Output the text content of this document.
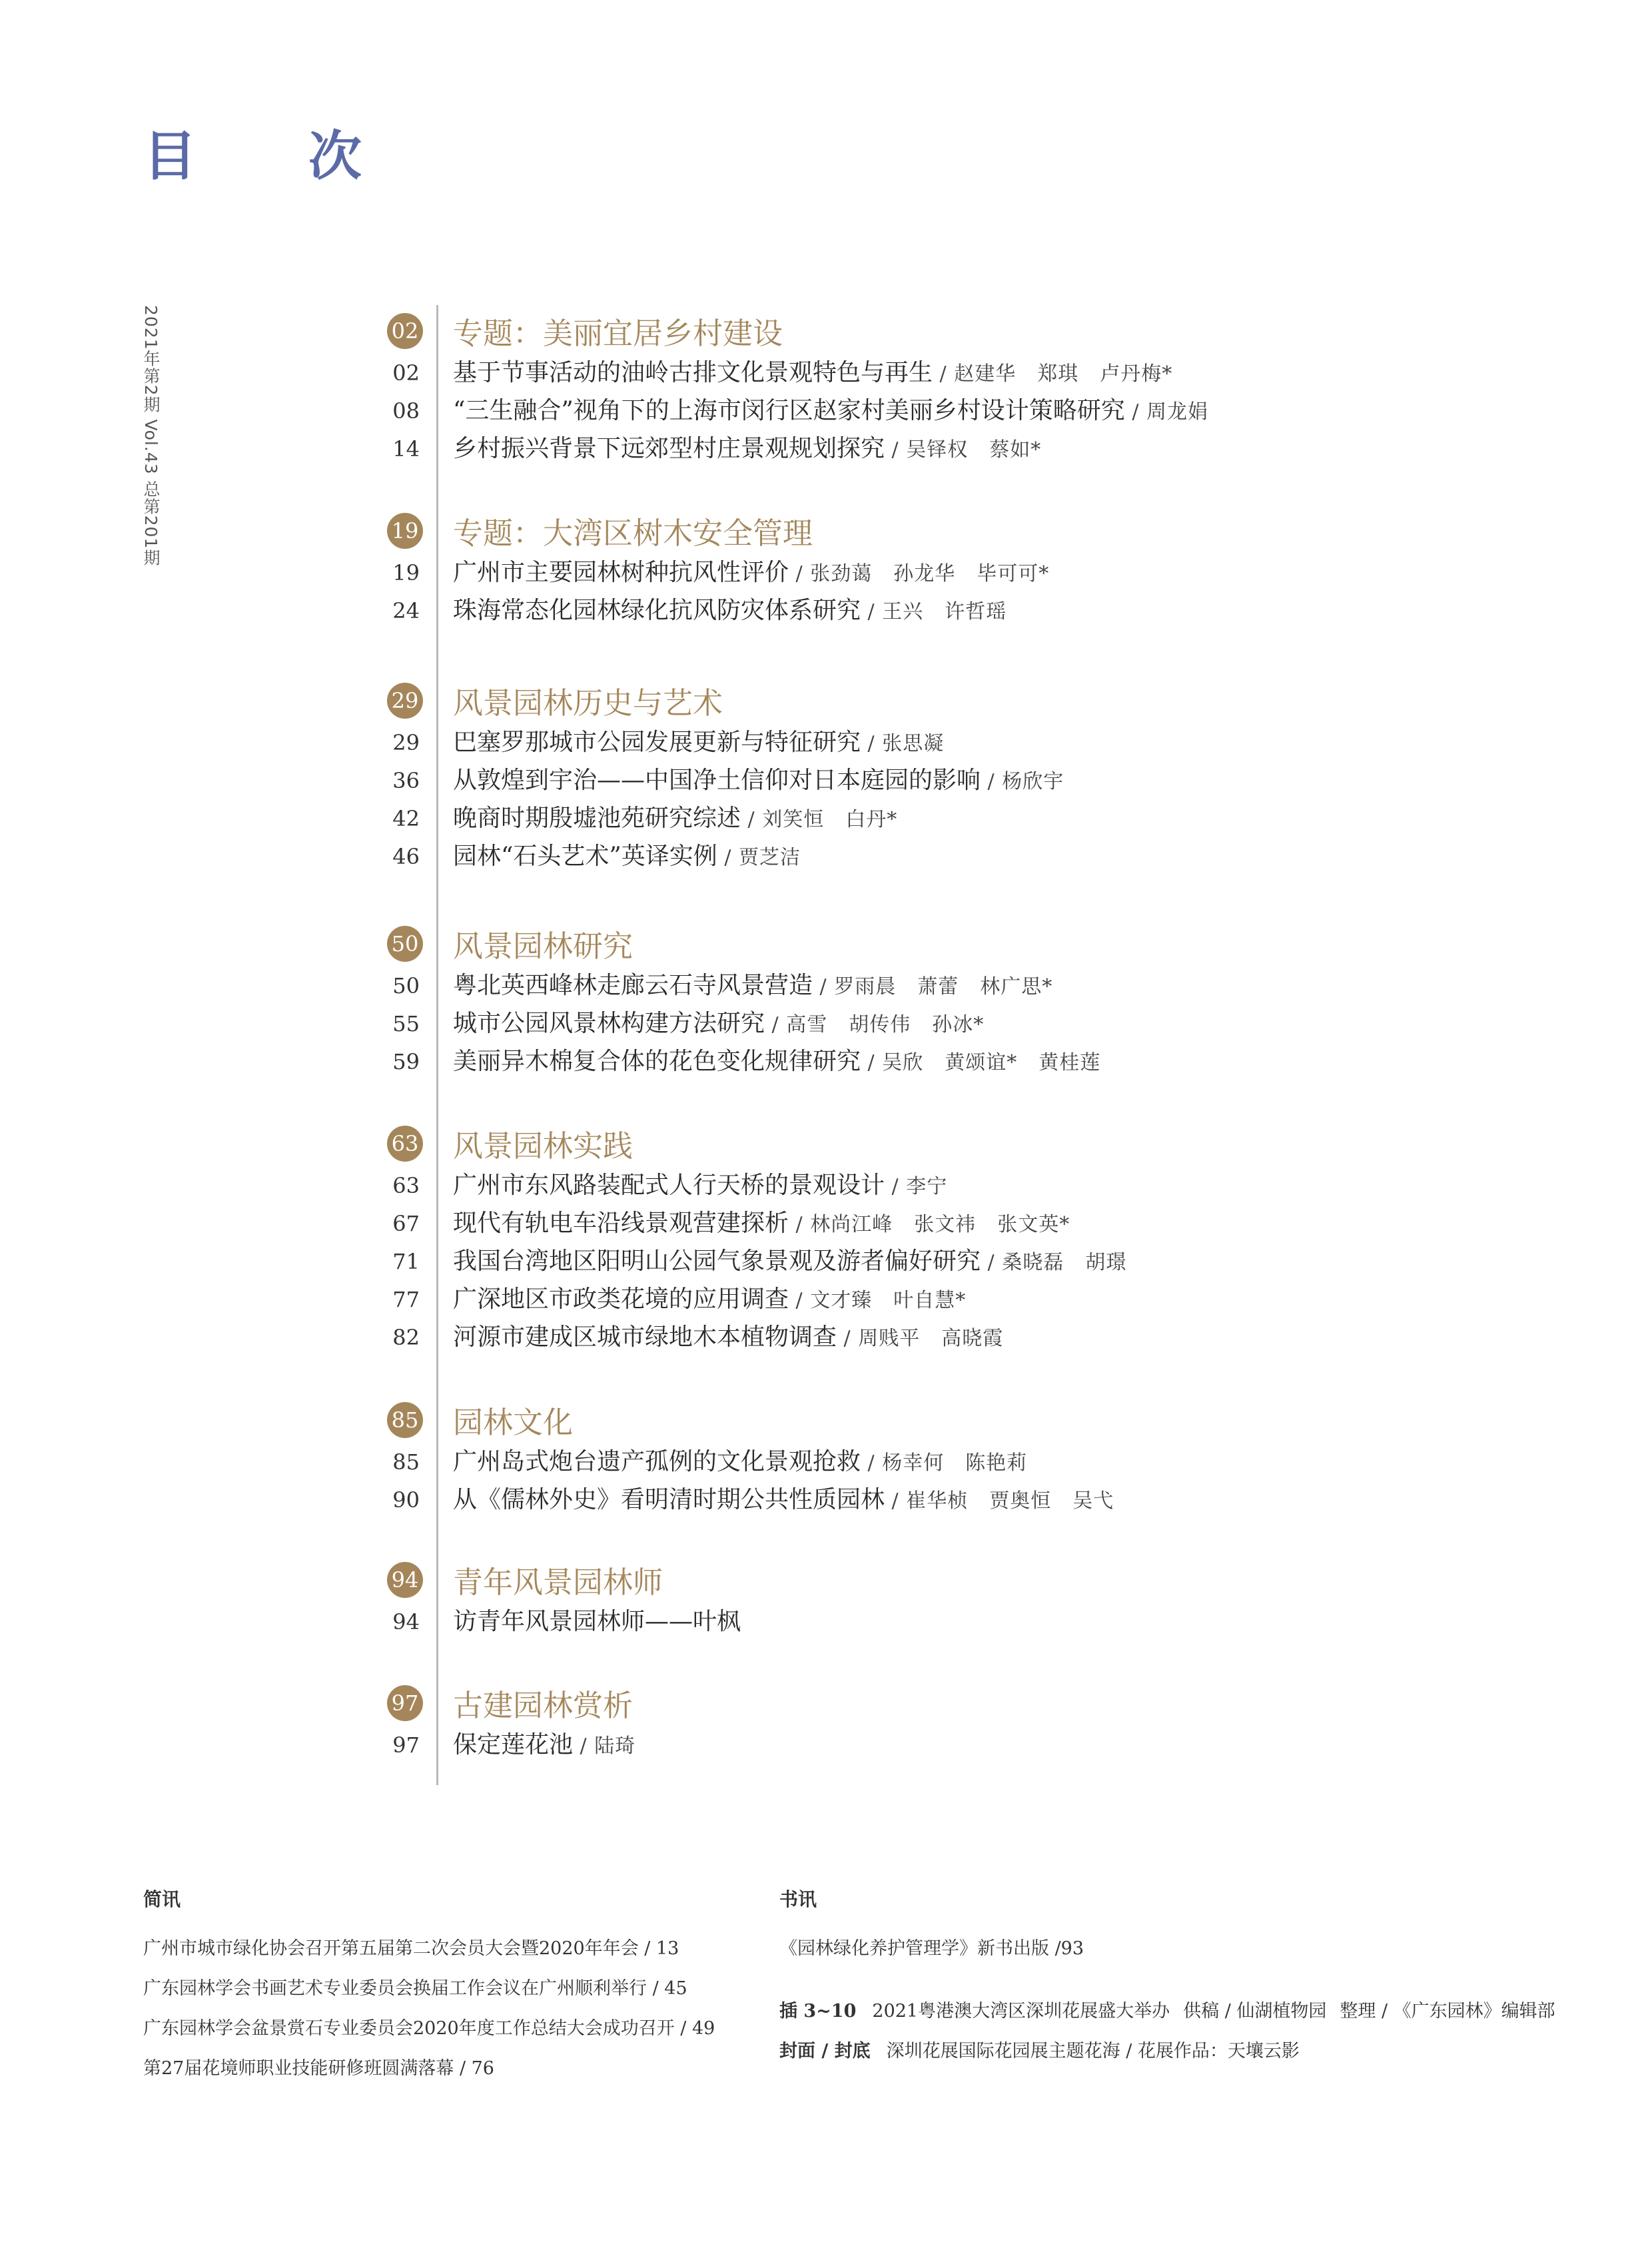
目 次
2021年第2期 Vol.43 总第201期	02 专题：美丽宜居乡村建设
02 基于节事活动的油岭古排文化景观特色与再生 / 赵建华 郑琪 卢丹梅*
08 “三生融合”视角下的上海市闵行区赵家村美丽乡村设计策略研究 / 周龙娟
14 乡村振兴背景下远郊型村庄景观规划探究 / 吴铎权 蔡如*
19 专题：大湾区树木安全管理
19 广州市主要园林树种抗风性评价 / 张劲蔼 孙龙华 毕可可*
24 珠海常态化园林绿化抗风防灾体系研究 / 王兴 许哲瑶
29 风景园林历史与艺术
29 巴塞罗那城市公园发展更新与特征研究 / 张思凝
36 从敦煌到宇治——中国净土信仰对日本庭园的影响 / 杨欣宇
42 晚商时期殷墟池苑研究综述 / 刘笑恒 白丹*
46 园林“石头艺术”英译实例 / 贾芝洁
50 风景园林研究
50 粤北英西峰林走廊云石寺风景营造 / 罗雨晨 萧蕾 林广思*
55 城市公园风景林构建方法研究 / 高雪 胡传伟 孙冰*
59 美丽异木棉复合体的花色变化规律研究 / 吴欣 黄颂谊* 黄桂莲
63 风景园林实践
63 广州市东风路装配式人行天桥的景观设计 / 李宁
67 现代有轨电车沿线景观营建探析 / 林尚江峰 张文祎 张文英*
71 我国台湾地区阳明山公园气象景观及游者偏好研究 / 桑晓磊 胡璟
77 广深地区市政类花境的应用调查 / 文才臻 叶自慧*
82 河源市建成区城市绿地木本植物调查 / 周贱平 高晓霞
85 园林文化
85 广州岛式炮台遗产孤例的文化景观抢救 / 杨幸何 陈艳莉
90 从《儒林外史》看明清时期公共性质园林 / 崔华桢 贾奥恒 吴弋
94 青年风景园林师
94 访青年风景园林师——叶枫
97 古建园林赏析
97 保定莲花池 / 陆琦
简讯
广州市城市绿化协会召开第五届第二次会员大会暨2020年年会 / 13
广东园林学会书画艺术专业委员会换届工作会议在广州顺利举行 / 45
广东园林学会盆景赏石专业委员会2020年度工作总结大会成功召开 / 49
第27届花境师职业技能研修班圆满落幕 / 76
书讯
《园林绿化养护管理学》新书出版 /93
插 3~10 2021粤港澳大湾区深圳花展盛大举办 供稿 / 仙湖植物园 整理 / 《广东园林》编辑部
封面 / 封底 深圳花展国际花园展主题花海 / 花展作品：天壤云影
